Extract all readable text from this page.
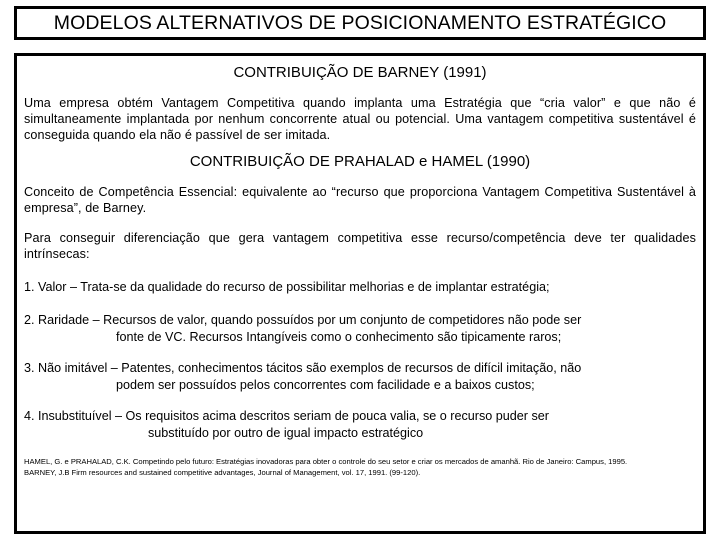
MODELOS ALTERNATIVOS DE POSICIONAMENTO ESTRATÉGICO
CONTRIBUIÇÃO DE BARNEY (1991)
Uma empresa obtém Vantagem Competitiva quando implanta uma Estratégia que “cria valor” e que não é simultaneamente implantada por nenhum concorrente atual ou potencial. Uma vantagem competitiva sustentável é conseguida quando ela não é passível de ser imitada.
CONTRIBUIÇÃO DE PRAHALAD e HAMEL (1990)
Conceito de Competência Essencial: equivalente ao “recurso que proporciona Vantagem Competitiva Sustentável à empresa”, de Barney.
Para conseguir diferenciação que gera vantagem competitiva esse recurso/competência deve ter qualidades intrínsecas:
1. Valor – Trata-se da qualidade do recurso de possibilitar melhorias e de implantar estratégia;
2. Raridade – Recursos de valor, quando possuídos por um conjunto de competidores não pode ser
fonte de VC. Recursos Intangíveis como o conhecimento são tipicamente raros;
3. Não imitável – Patentes, conhecimentos tácitos são exemplos de recursos de difícil imitação, não
podem ser possuídos pelos concorrentes com facilidade e a baixos custos;
4. Insubstituível – Os requisitos acima descritos seriam de pouca valia, se o recurso puder ser
substituído por outro de igual impacto estratégico
HAMEL, G. e PRAHALAD, C.K. Competindo pelo futuro: Estratégias inovadoras para obter o controle do seu setor e criar os mercados de amanhã. Rio de Janeiro: Campus, 1995.
BARNEY, J.B Firm resources and sustained competitive advantages, Journal of Management, vol. 17, 1991. (99-120).
